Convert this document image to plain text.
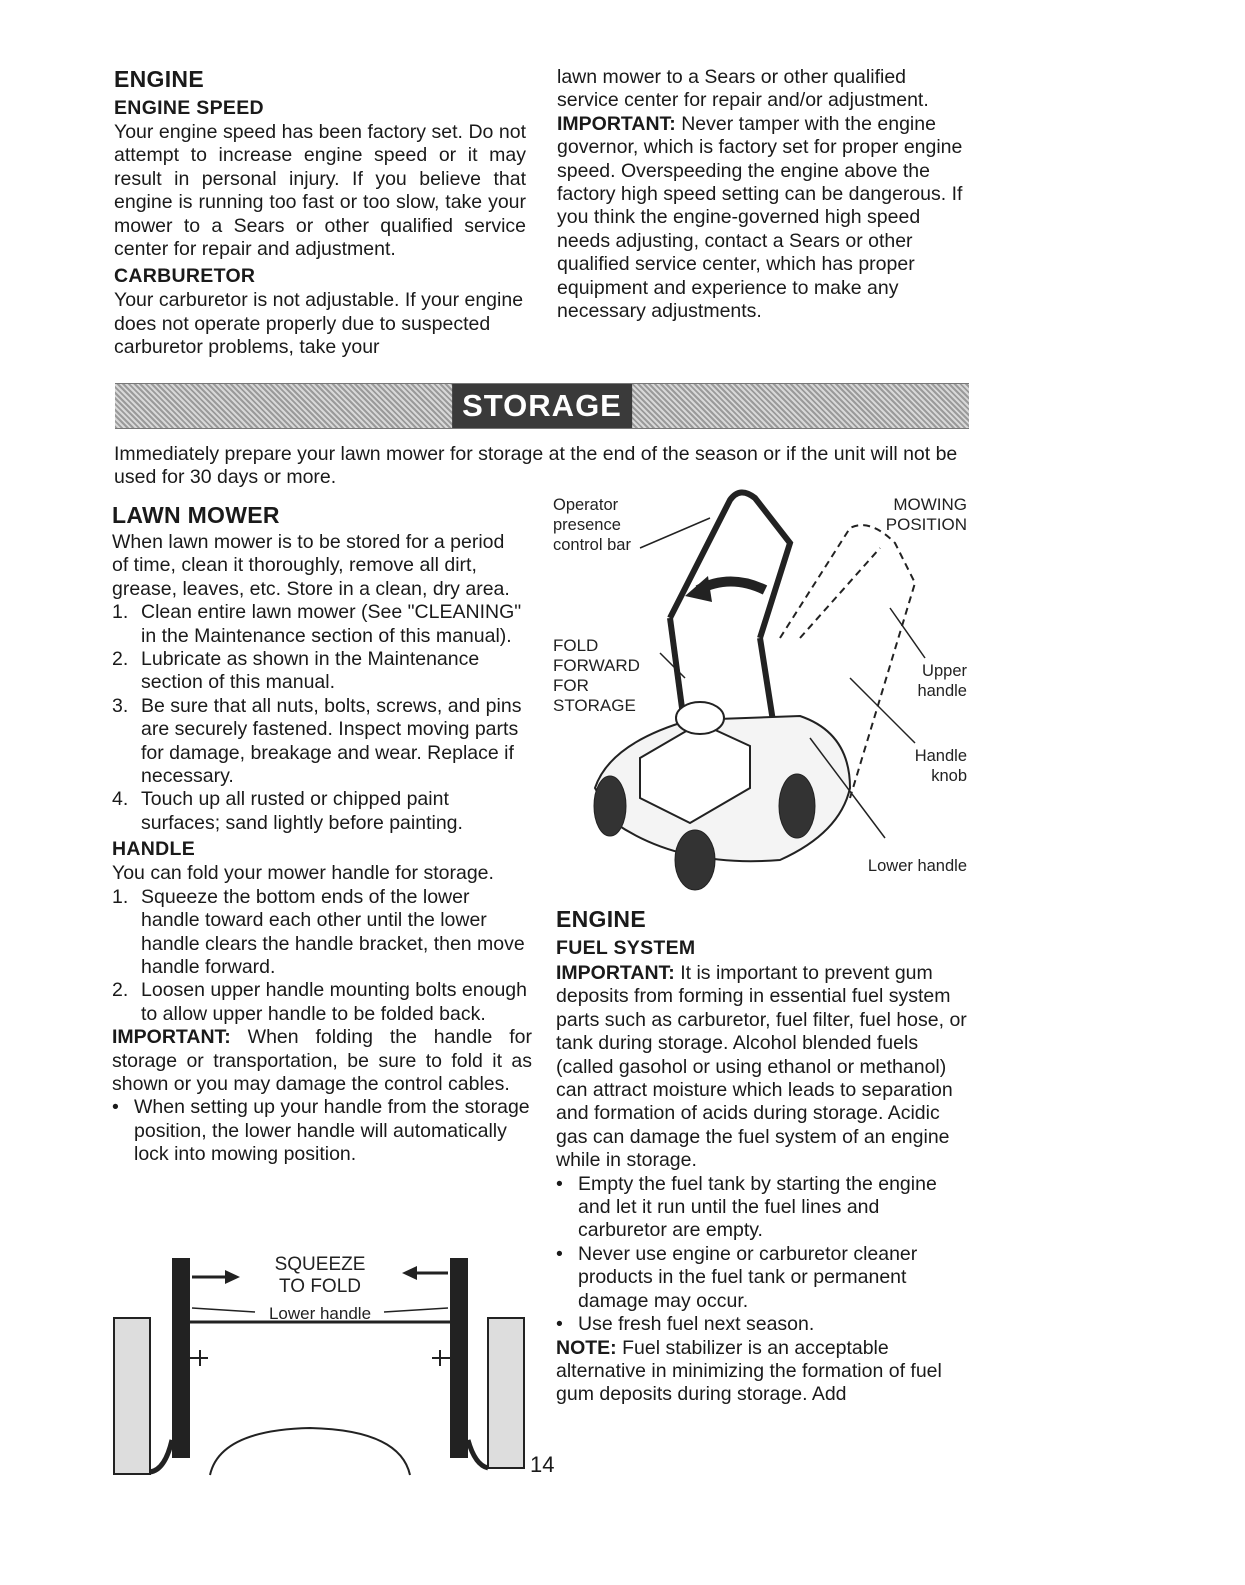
ENGINE
ENGINE SPEED

Your engine speed has been factory set. Do not attempt to increase engine speed or it may result in personal injury. If you believe that engine is running too fast or too slow, take your mower to a Sears or other qualified service center for repair and adjustment.

CARBURETOR

Your carburetor is not adjustable. If your engine does not operate properly due to suspected carburetor problems, take your

lawn mower to a Sears or other qualified service center for repair and/or adjustment.

IMPORTANT: Never tamper with the engine governor, which is factory set for proper engine speed. Overspeeding the engine above the factory high speed setting can be dangerous. If you think the engine-governed high speed needs adjusting, contact a Sears or other qualified service center, which has proper equipment and experience to make any necessary adjustments.

STORAGE
Immediately prepare your lawn mower for storage at the end of the season or if the unit will not be used for 30 days or more.
LAWN MOWER

When lawn mower is to be stored for a period of time, clean it thoroughly, remove all dirt, grease, leaves, etc. Store in a clean, dry area.

1. Clean entire lawn mower (See "CLEANING" in the Maintenance section of this manual).
2. Lubricate as shown in the Maintenance section of this manual.
3. Be sure that all nuts, bolts, screws, and pins are securely fastened. Inspect moving parts for damage, breakage and wear. Replace if necessary.
4. Touch up all rusted or chipped paint surfaces; sand lightly before painting.
HANDLE

You can fold your mower handle for storage.

1. Squeeze the bottom ends of the lower handle toward each other until the lower handle clears the handle bracket, then move handle forward.
2. Loosen upper handle mounting bolts enough to allow upper handle to be folded back.

IMPORTANT: When folding the handle for storage or transportation, be sure to fold it as shown or you may damage the control cables.

• When setting up your handle from the storage position, the lower handle will automatically lock into mowing position.
SQUEEZE
TO FOLD
Lower handle
Operator
presence
control bar
MOWING
POSITION
FOLD
FORWARD
FOR
STORAGE
Upper
handle
Handle
knob
Lower handle
ENGINE
FUEL SYSTEM

IMPORTANT: It is important to prevent gum deposits from forming in essential fuel system parts such as carburetor, fuel filter, fuel hose, or tank during storage. Alcohol blended fuels (called gasohol or using ethanol or methanol) can attract moisture which leads to separation and formation of acids during storage. Acidic gas can damage the fuel system of an engine while in storage.

• Empty the fuel tank by starting the engine and let it run until the fuel lines and carburetor are empty.
• Never use engine or carburetor cleaner products in the fuel tank or permanent damage may occur.
• Use fresh fuel next season.

NOTE: Fuel stabilizer is an acceptable alternative in minimizing the formation of fuel gum deposits during storage. Add

14
